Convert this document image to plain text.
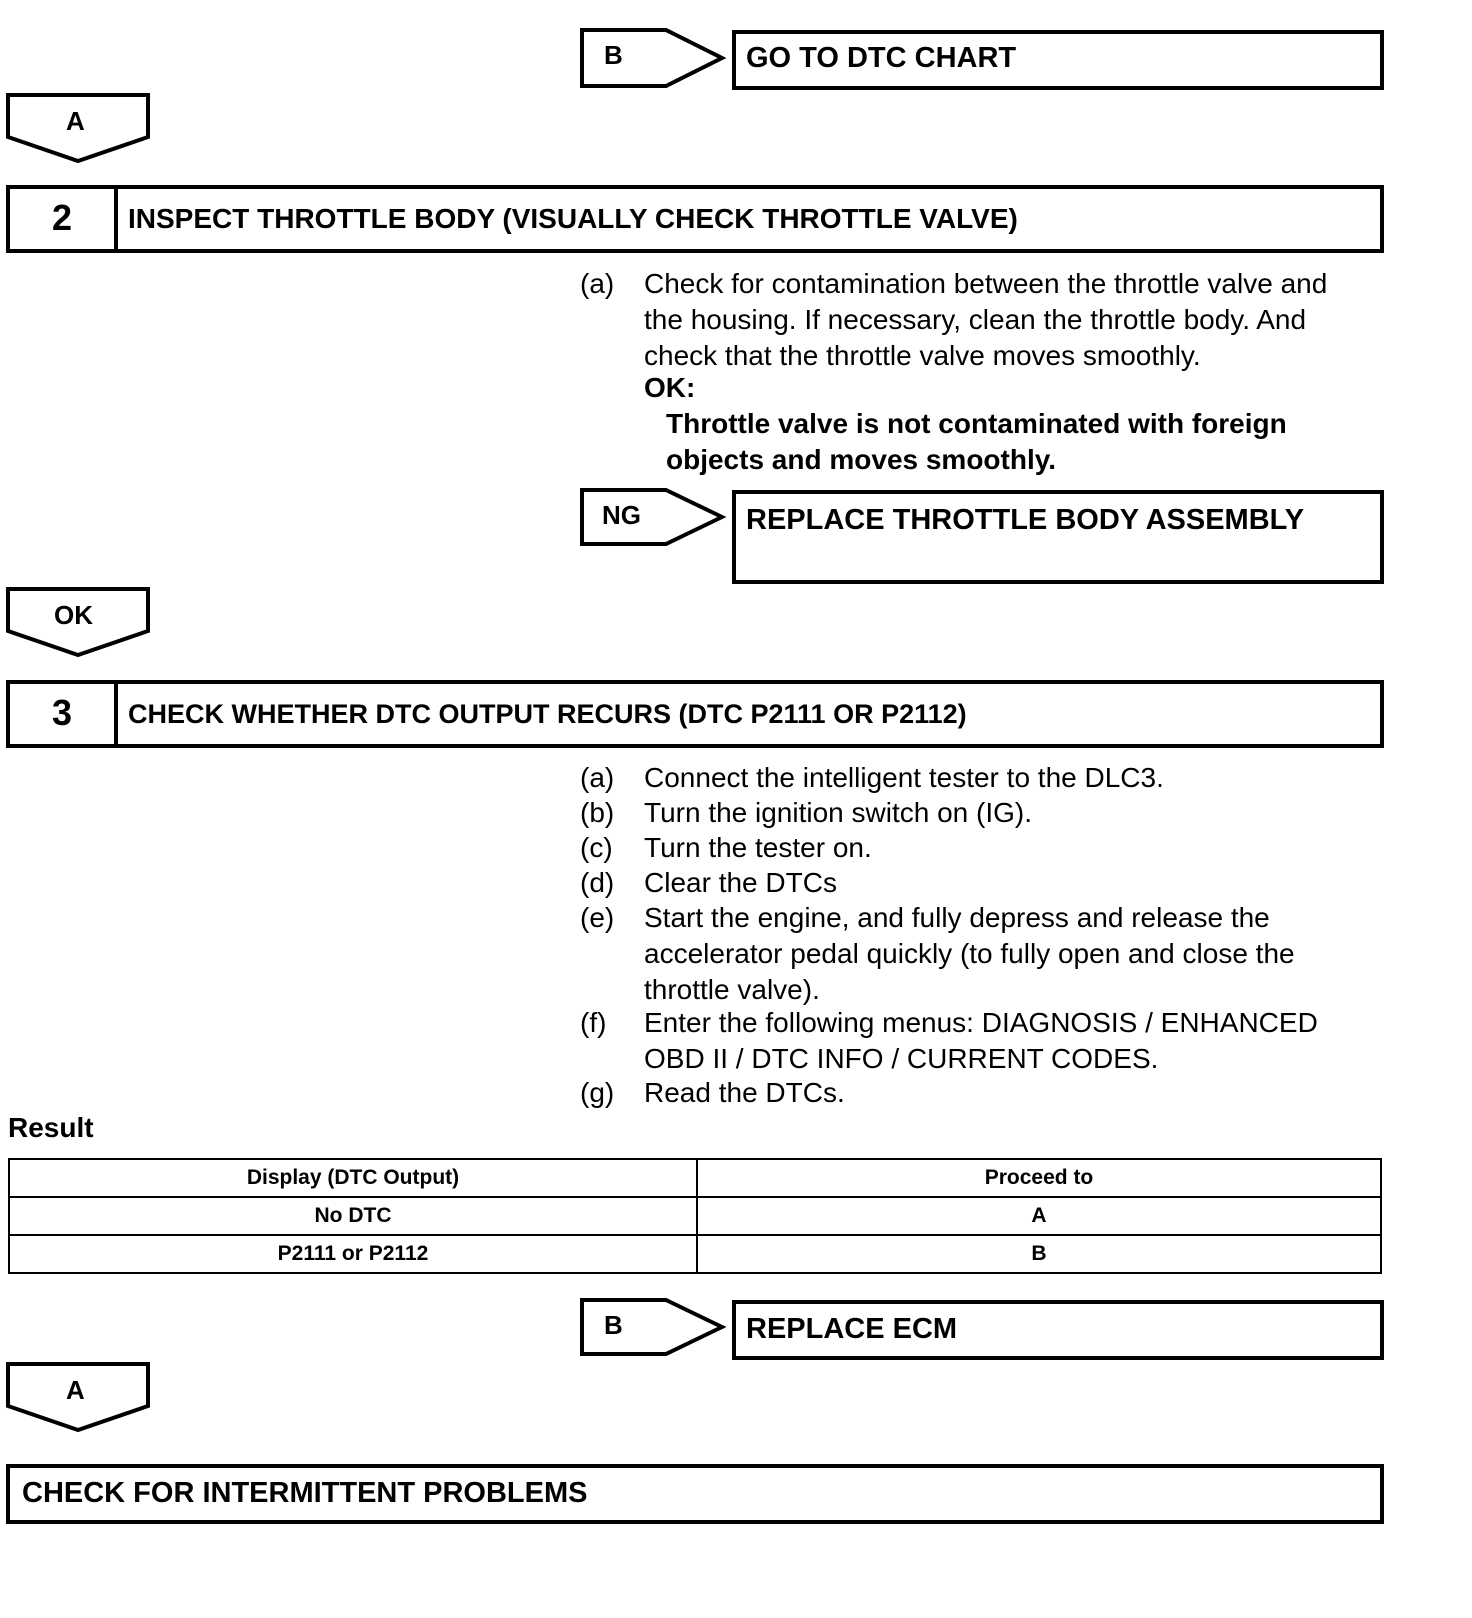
B	GO TO DTC CHART
A
2	INSPECT THROTTLE BODY (VISUALLY CHECK THROTTLE VALVE)
(a) Check for contamination between the throttle valve and
the housing. If necessary, clean the throttle body. And
check that the throttle valve moves smoothly.
OK:
Throttle valve is not contaminated with foreign
objects and moves smoothly.
NG	REPLACE THROTTLE BODY ASSEMBLY
OK
3	CHECK WHETHER DTC OUTPUT RECURS (DTC P2111 OR P2112)
(a) Connect the intelligent tester to the DLC3.
(b) Turn the ignition switch on (IG).
(c) Turn the tester on.
(d) Clear the DTCs
(e) Start the engine, and fully depress and release the
accelerator pedal quickly (to fully open and close the
throttle valve).
(f) Enter the following menus: DIAGNOSIS / ENHANCED
OBD II / DTC INFO / CURRENT CODES.
(g) Read the DTCs.
Result
Display (DTC Output)	Proceed to
No DTC	A
P2111 or P2112	B
B	REPLACE ECM
A
CHECK FOR INTERMITTENT PROBLEMS
